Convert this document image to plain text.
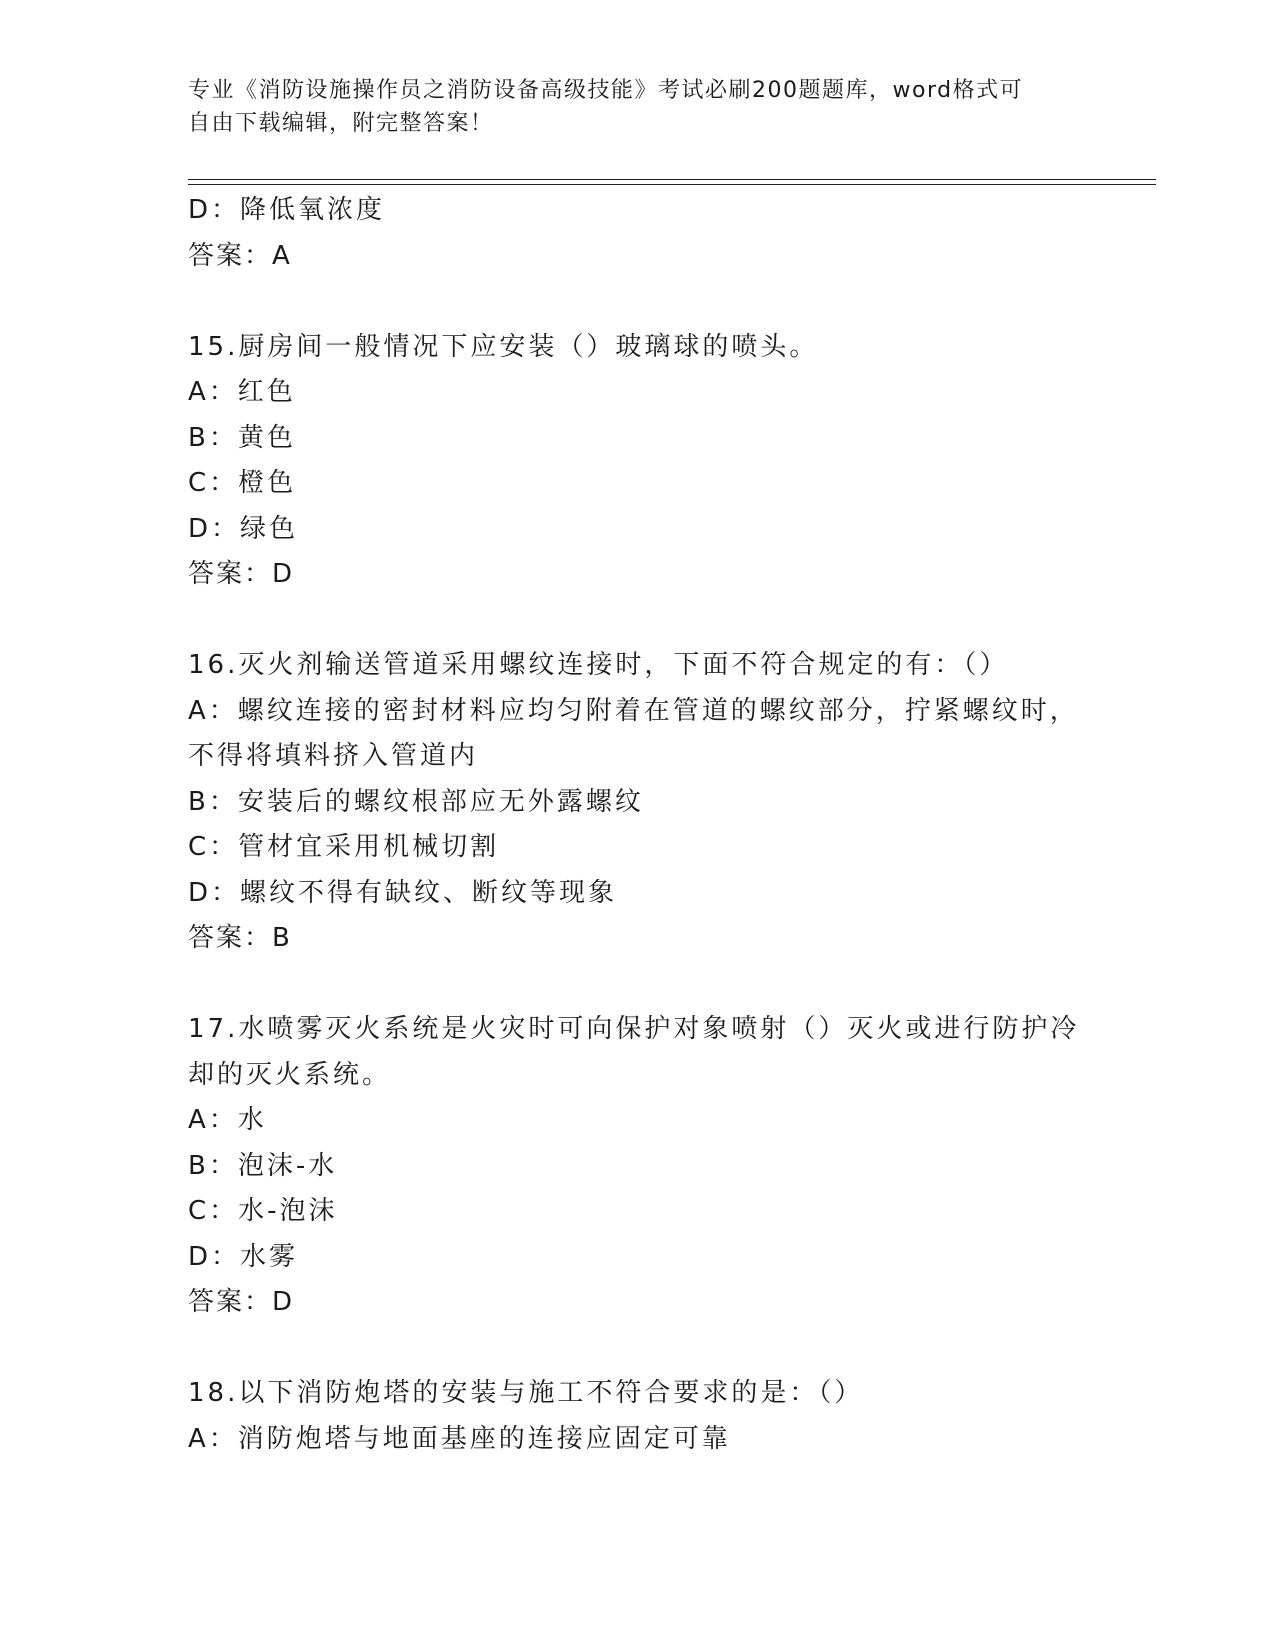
专业《消防设施操作员之消防设备高级技能》考试必刷200题题库，word格式可
自由下载编辑，附完整答案！
D：降低氧浓度
答案：A
15.厨房间一般情况下应安装（）玻璃球的喷头。
A：红色
B：黄色
C：橙色
D：绿色
答案：D
16.灭火剂输送管道采用螺纹连接时，下面不符合规定的有：（）
A：螺纹连接的密封材料应均匀附着在管道的螺纹部分，拧紧螺纹时，
不得将填料挤入管道内
B：安装后的螺纹根部应无外露螺纹
C：管材宜采用机械切割
D：螺纹不得有缺纹、断纹等现象
答案：B
17.水喷雾灭火系统是火灾时可向保护对象喷射（）灭火或进行防护冷
却的灭火系统。
A：水
B：泡沫-水
C：水-泡沫
D：水雾
答案：D
18.以下消防炮塔的安装与施工不符合要求的是：（）
A：消防炮塔与地面基座的连接应固定可靠
